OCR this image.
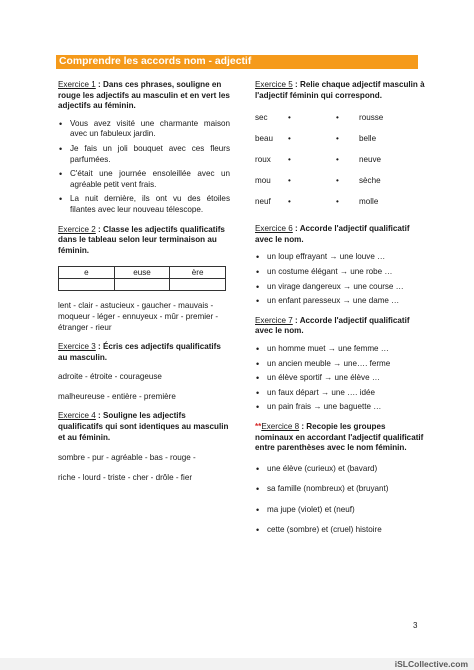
Comprendre les accords nom - adjectif
Exercice 1 : Dans ces phrases, souligne en rouge les adjectifs au masculin et en vert les adjectifs au féminin.
• Vous avez visité une charmante maison avec un fabuleux jardin.
• Je fais un joli bouquet avec ces fleurs parfumées.
• C'était une journée ensoleillée avec un agréable petit vent frais.
• La nuit dernière, ils ont vu des étoiles filantes avec leur nouveau télescope.
Exercice 2 : Classe les adjectifs qualificatifs dans le tableau selon leur terminaison au féminin.
e	euse	ère

lent - clair - astucieux - gaucher - mauvais - moqueur - léger - ennuyeux - mûr - premier - étranger - rieur

Exercice 3 : Écris ces adjectifs qualificatifs au masculin.

adroite - étroite - courageuse

malheureuse - entière - première

Exercice 4 : Souligne les adjectifs qualificatifs qui sont identiques au masculin et au féminin.

sombre - pur - agréable - bas - rouge -

riche - lourd - triste - cher - drôle - fier

Exercice 5 : Relie chaque adjectif masculin à l'adjectif féminin qui correspond.
sec	•	• rousse
beau •	• belle
roux •	• neuve
mou •	• sèche
neuf •	• molle
Exercice 6 : Accorde l'adjectif qualificatif avec le nom.
• un loup effrayant → une louve …
• un costume élégant → une robe …
• un virage dangereux → une course …
• un enfant paresseux → une dame …
Exercice 7 : Accorde l'adjectif qualificatif avec le nom.
• un homme muet → une femme …
• un ancien meuble → une…. ferme
• un élève sportif → une élève …
• un faux départ → une …. idée
• un pain frais → une baguette …
**Exercice 8 : Recopie les groupes nominaux en accordant l'adjectif qualificatif entre parenthèses avec le nom féminin.
• une élève (curieux) et (bavard)
• sa famille (nombreux) et (bruyant)
• ma jupe (violet) et (neuf)
• cette (sombre) et (cruel) histoire
3
iSLCollective.com
